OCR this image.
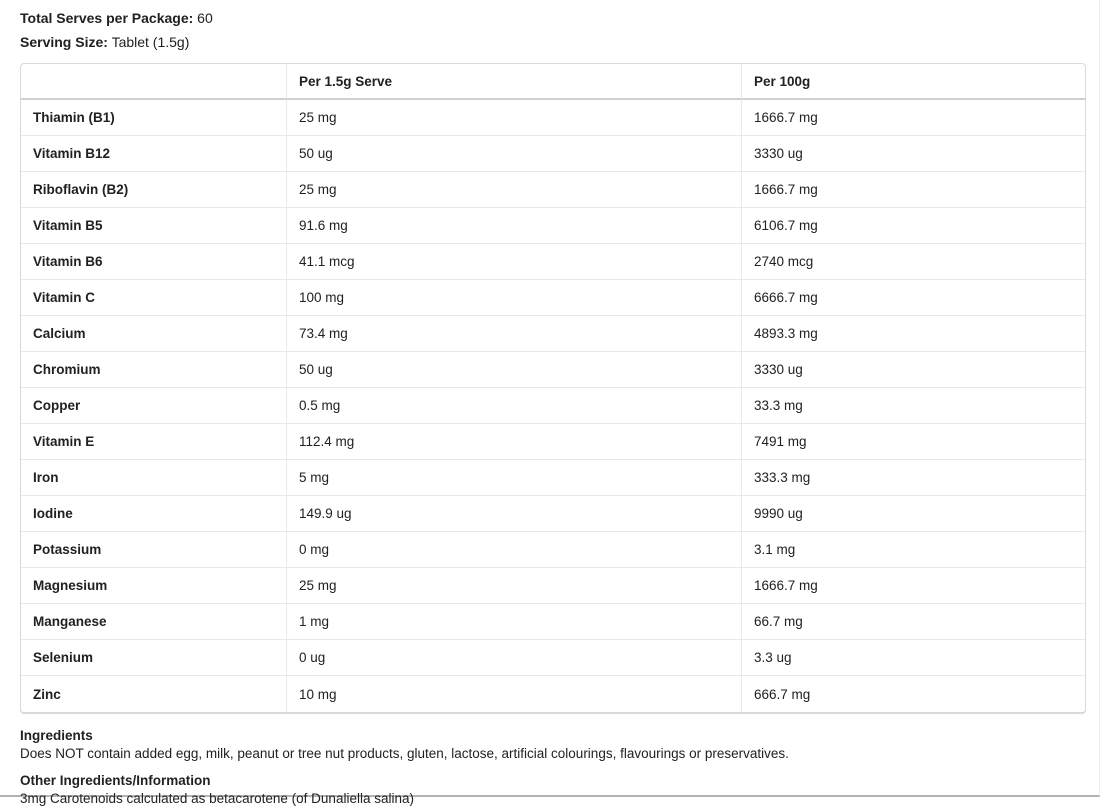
Total Serves per Package: 60

Serving Size: Tablet (1.5g)

	Per 1.5g Serve	Per 100g
Thiamin (B1)	25 mg	1666.7 mg
Vitamin B12	50 ug	3330 ug
Riboflavin (B2)	25 mg	1666.7 mg
Vitamin B5	91.6 mg	6106.7 mg
Vitamin B6	41.1 mcg	2740 mcg
Vitamin C	100 mg	6666.7 mg
Calcium	73.4 mg	4893.3 mg
Chromium	50 ug	3330 ug
Copper	0.5 mg	33.3 mg
Vitamin E	112.4 mg	7491 mg
Iron	5 mg	333.3 mg
Iodine	149.9 ug	9990 ug
Potassium	0 mg	3.1 mg
Magnesium	25 mg	1666.7 mg
Manganese	1 mg	66.7 mg
Selenium	0 ug	3.3 ug
Zinc	10 mg	666.7 mg
Ingredients
Does NOT contain added egg, milk, peanut or tree nut products, gluten, lactose, artificial colourings, flavourings or preservatives.
Other Ingredients/Information
3mg Carotenoids calculated as betacarotene (of Dunaliella salina)
